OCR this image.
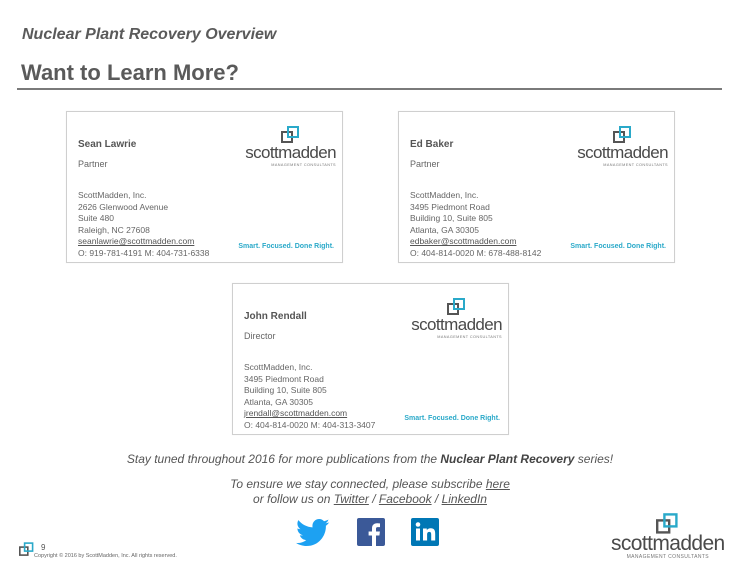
Nuclear Plant Recovery Overview
Want to Learn More?
Sean Lawrie
Partner
scottmadden
MANAGEMENT CONSULTANTS
ScottMadden, Inc.
2626 Glenwood Avenue
Suite 480
Raleigh, NC 27608
seanlawrie@scottmadden.com
O: 919-781-4191 M: 404-731-6338
Smart. Focused. Done Right.
Ed Baker
Partner
scottmadden
MANAGEMENT CONSULTANTS
ScottMadden, Inc.
3495 Piedmont Road
Building 10, Suite 805
Atlanta, GA 30305
edbaker@scottmadden.com
O: 404-814-0020 M: 678-488-8142
Smart. Focused. Done Right.
John Rendall
Director
scottmadden
MANAGEMENT CONSULTANTS
ScottMadden, Inc.
3495 Piedmont Road
Building 10, Suite 805
Atlanta, GA 30305
jrendall@scottmadden.com
O: 404-814-0020 M: 404-313-3407
Smart. Focused. Done Right.
Stay tuned throughout 2016 for more publications from the Nuclear Plant Recovery series!
To ensure we stay connected, please subscribe here
or follow us on Twitter / Facebook / LinkedIn
9
Copyright © 2016 by ScottMadden, Inc. All rights reserved.
scottmadden
MANAGEMENT CONSULTANTS
